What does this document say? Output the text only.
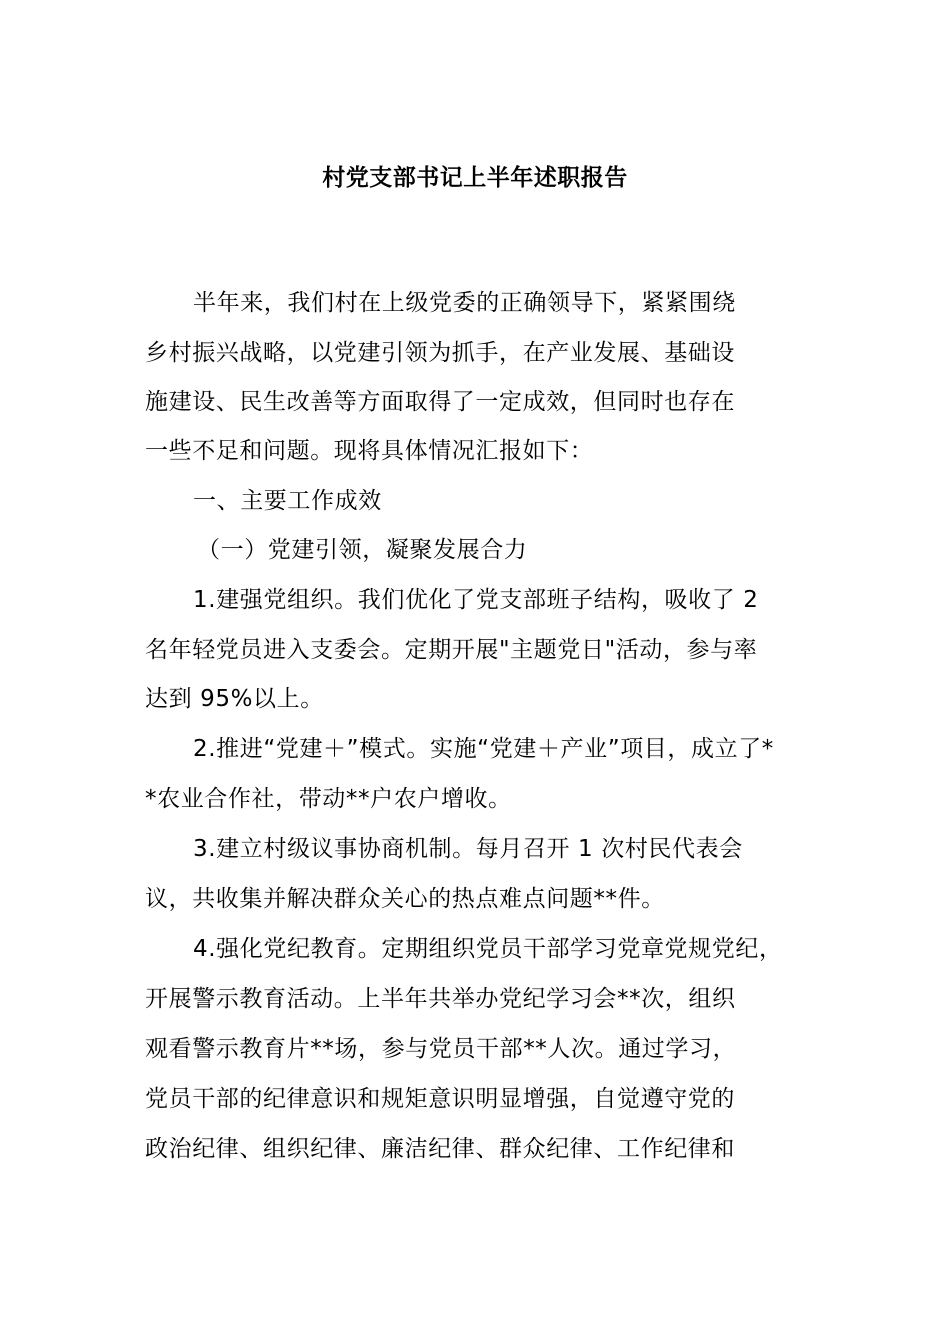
村党支部书记上半年述职报告
半年来，我们村在上级党委的正确领导下，紧紧围绕
乡村振兴战略，以党建引领为抓手，在产业发展、基础设
施建设、民生改善等方面取得了一定成效，但同时也存在
一些不足和问题。现将具体情况汇报如下：
一、主要工作成效
（一）党建引领，凝聚发展合力
1.建强党组织。我们优化了党支部班子结构，吸收了 2
名年轻党员进入支委会。定期开展"主题党日"活动，参与率
达到 95%以上。
2.推进“党建＋”模式。实施“党建＋产业”项目，成立了*
*农业合作社，带动**户农户增收。
3.建立村级议事协商机制。每月召开 1 次村民代表会
议，共收集并解决群众关心的热点难点问题**件。
4.强化党纪教育。定期组织党员干部学习党章党规党纪，
开展警示教育活动。上半年共举办党纪学习会**次，组织
观看警示教育片**场，参与党员干部**人次。通过学习，
党员干部的纪律意识和规矩意识明显增强，自觉遵守党的
政治纪律、组织纪律、廉洁纪律、群众纪律、工作纪律和
